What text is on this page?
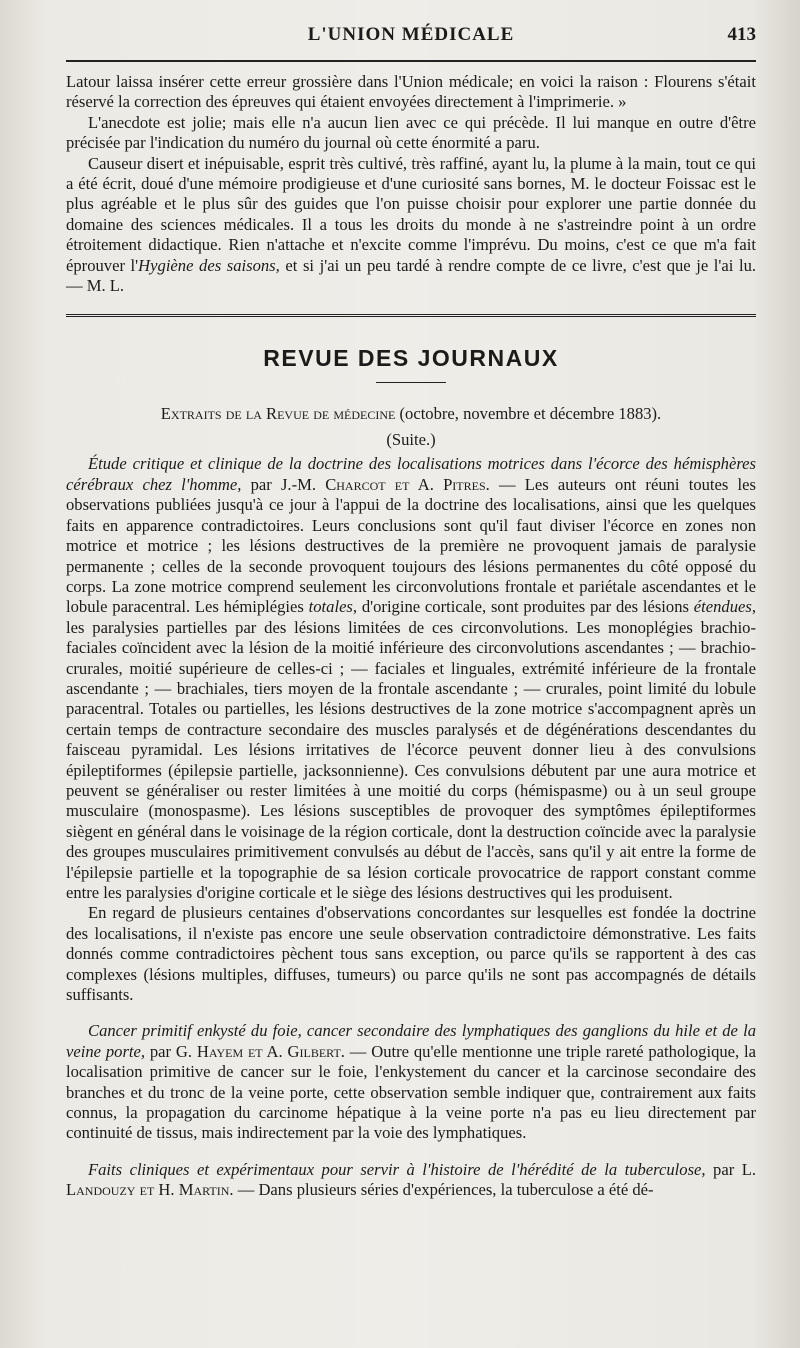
L'UNION MÉDICALE	413

Latour laissa insérer cette erreur grossière dans l'Union médicale; en voici la raison : Flourens s'était réservé la correction des épreuves qui étaient envoyées directement à l'imprimerie. »

L'anecdote est jolie; mais elle n'a aucun lien avec ce qui précède. Il lui manque en outre d'être précisée par l'indication du numéro du journal où cette énormité a paru.

Causeur disert et inépuisable, esprit très cultivé, très raffiné, ayant lu, la plume à la main, tout ce qui a été écrit, doué d'une mémoire prodigieuse et d'une curiosité sans bornes, M. le docteur Foissac est le plus agréable et le plus sûr des guides que l'on puisse choisir pour explorer une partie donnée du domaine des sciences médicales. Il a tous les droits du monde à ne s'astreindre point à un ordre étroitement didactique. Rien n'attache et n'excite comme l'imprévu. Du moins, c'est ce que m'a fait éprouver l'Hygiène des saisons, et si j'ai un peu tardé à rendre compte de ce livre, c'est que je l'ai lu. — M. L.

REVUE DES JOURNAUX
Extraits de la Revue de médecine (octobre, novembre et décembre 1883).
(Suite.)

Étude critique et clinique de la doctrine des localisations motrices dans l'écorce des hémisphères cérébraux chez l'homme, par J.-M. Charcot et A. Pitres. — Les auteurs ont réuni toutes les observations publiées jusqu'à ce jour à l'appui de la doctrine des localisations, ainsi que les quelques faits en apparence contradictoires. Leurs conclusions sont qu'il faut diviser l'écorce en zones non motrice et motrice ; les lésions destructives de la première ne provoquent jamais de paralysie permanente ; celles de la seconde provoquent toujours des lésions permanentes du côté opposé du corps. La zone motrice comprend seulement les circonvolutions frontale et pariétale ascendantes et le lobule paracentral. Les hémiplégies totales, d'origine corticale, sont produites par des lésions étendues, les paralysies partielles par des lésions limitées de ces circonvolutions. Les monoplégies brachio-faciales coïncident avec la lésion de la moitié inférieure des circonvolutions ascendantes ; — brachio-crurales, moitié supérieure de celles-ci ; — faciales et linguales, extrémité inférieure de la frontale ascendante ; — brachiales, tiers moyen de la frontale ascendante ; — crurales, point limité du lobule paracentral. Totales ou partielles, les lésions destructives de la zone motrice s'accompagnent après un certain temps de contracture secondaire des muscles paralysés et de dégénérations descendantes du faisceau pyramidal. Les lésions irritatives de l'écorce peuvent donner lieu à des convulsions épileptiformes (épilepsie partielle, jacksonnienne). Ces convulsions débutent par une aura motrice et peuvent se généraliser ou rester limitées à une moitié du corps (hémispasme) ou à un seul groupe musculaire (monospasme). Les lésions susceptibles de provoquer des symptômes épileptiformes siègent en général dans le voisinage de la région corticale, dont la destruction coïncide avec la paralysie des groupes musculaires primitivement convulsés au début de l'accès, sans qu'il y ait entre la forme de l'épilepsie partielle et la topographie de sa lésion corticale provocatrice de rapport constant comme entre les paralysies d'origine corticale et le siège des lésions destructives qui les produisent.

En regard de plusieurs centaines d'observations concordantes sur lesquelles est fondée la doctrine des localisations, il n'existe pas encore une seule observation contradictoire démonstrative. Les faits donnés comme contradictoires pèchent tous sans exception, ou parce qu'ils se rapportent à des cas complexes (lésions multiples, diffuses, tumeurs) ou parce qu'ils ne sont pas accompagnés de détails suffisants.

Cancer primitif enkysté du foie, cancer secondaire des lymphatiques des ganglions du hile et de la veine porte, par G. Hayem et A. Gilbert. — Outre qu'elle mentionne une triple rareté pathologique, la localisation primitive de cancer sur le foie, l'enkystement du cancer et la carcinose secondaire des branches et du tronc de la veine porte, cette observation semble indiquer que, contrairement aux faits connus, la propagation du carcinome hépatique à la veine porte n'a pas eu lieu directement par continuité de tissus, mais indirectement par la voie des lymphatiques.

Faits cliniques et expérimentaux pour servir à l'histoire de l'hérédité de la tuberculose, par L. Landouzy et H. Martin. — Dans plusieurs séries d'expériences, la tuberculose a été dé-
